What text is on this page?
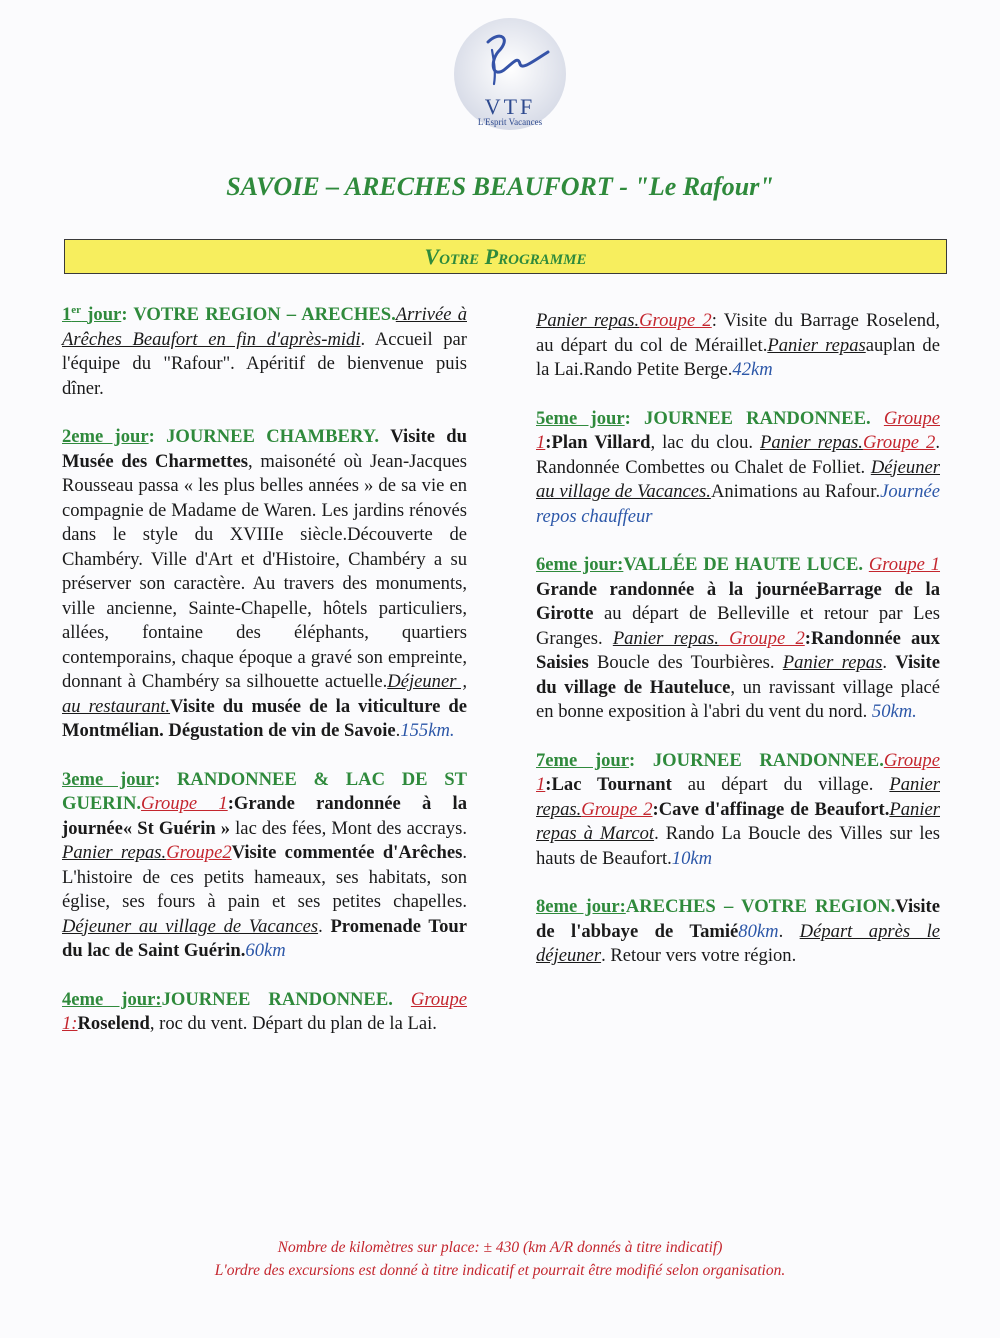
VTF
L'Esprit Vacances
SAVOIE – ARECHES BEAUFORT - "Le Rafour"
Votre Programme

1er jour: VOTRE REGION – ARECHES.Arrivée à Arêches Beaufort en fin d'après-midi. Accueil par l'équipe du "Rafour". Apéritif de bienvenue puis dîner.

2eme jour: JOURNEE CHAMBERY. Visite du Musée des Charmettes, maisoné​té où Jean-Jacques Rousseau passa « les plus belles années » de sa vie en compagnie de Madame de Waren. Les jardins rénovés dans le style du XVIIIe siècle.Découverte de Chambéry. Ville d'Art et d'Histoire, Chambéry a su préserver son caractère. Au travers des monuments, ville ancienne, Sainte-Chapelle, hôtels particuliers, allées, fontaine des éléphants, quartiers contemporains, chaque époque a gravé son empreinte, donnant à Chambéry sa silhouette actuelle.Déjeuner , au restaurant.Visite du musée de la viticulture de Montmélian. Dégustation de vin de Savoie.155km.

3eme jour: RANDONNEE & LAC DE ST GUERIN.Groupe 1:Grande randonnée à la journée« St Guérin » lac des fées, Mont des accrays. Panier repas.Groupe2Visite commentée d'Arêches. L'histoire de ces petits hameaux, ses habitats, son église, ses fours à pain et ses petites chapelles. Déjeuner au village de Vacances. Promenade Tour du lac de Saint Guérin.60km

4eme jour:JOURNEE RANDONNEE. Groupe 1:Roselend, roc du vent. Départ du plan de la Lai.

Panier repas.Groupe 2: Visite du Barrage Roselend, au départ du col de Méraillet.Panier repasauplan de la Lai.Rando Petite Berge.42km

5eme jour: JOURNEE RANDONNEE. Groupe 1:Plan Villard, lac du clou. Panier repas.Groupe 2. Randonnée Combettes ou Chalet de Folliet. Déjeuner au village de Vacances.Animations au Rafour.Journée repos chauffeur

6eme jour:VALLÉE DE HAUTE LUCE. Groupe 1 Grande randonnée à la journéeBarrage de la Girotte au départ de Belleville et retour par Les Granges. Panier repas. Groupe 2:Randonnée aux Saisies Boucle des Tourbières. Panier repas. Visite du village de Hauteluce, un ravissant village placé en bonne exposition à l'abri du vent du nord. 50km.

7eme jour: JOURNEE RANDONNEE.Groupe 1:Lac Tournant au départ du village. Panier repas.Groupe 2:Cave d'affinage de Beaufort.Panier repas à Marcot. Rando La Boucle des Villes sur les hauts de Beaufort.10km

8eme jour:ARECHES – VOTRE REGION.Visite de l'abbaye de Tamié80km. Départ après le déjeuner. Retour vers votre région.

Nombre de kilomètres sur place: ± 430 (km A/R donnés à titre indicatif)
L'ordre des excursions est donné à titre indicatif et pourrait être modifié selon organisation.
